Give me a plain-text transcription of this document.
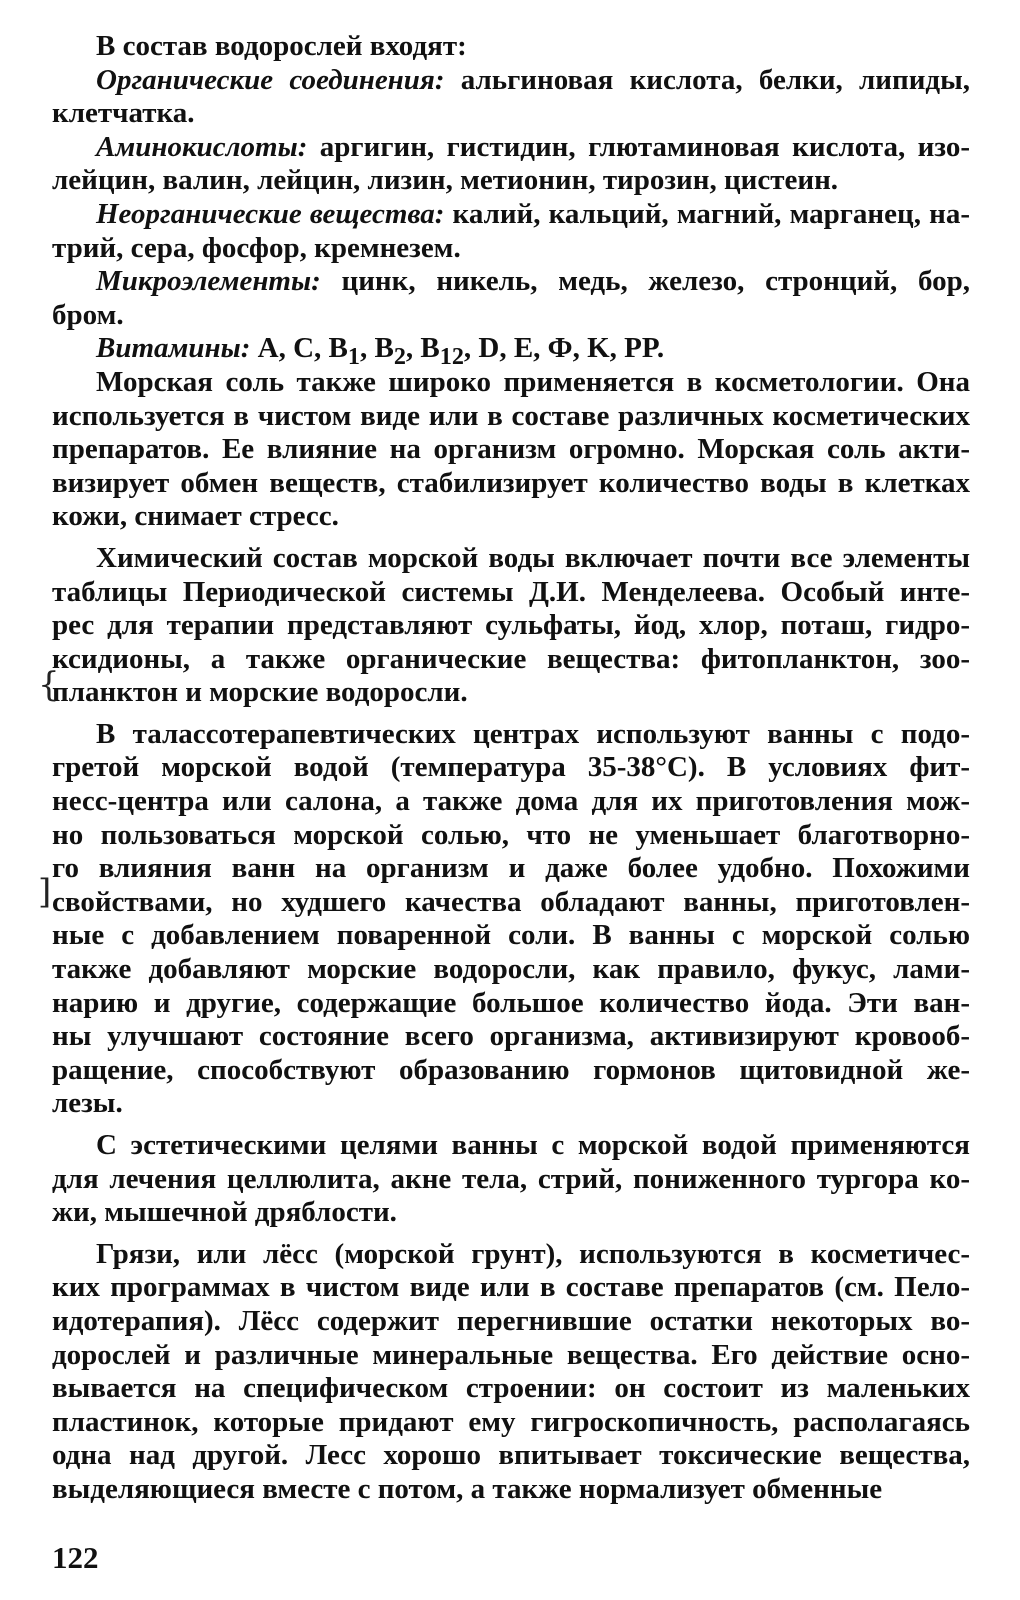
В состав водорослей входят:
Органические соединения: альгиновая кислота, белки, липиды,
клетчатка.
Аминокислоты: аргигин, гистидин, глютаминовая кислота, изо-
лейцин, валин, лейцин, лизин, метионин, тирозин, цистеин.
Неорганические вещества: калий, кальций, магний, марганец, на-
трий, сера, фосфор, кремнезем.
Микроэлементы: цинк, никель, медь, железо, стронций, бор,
бром.
Витамины: A, C, $B_1$, $B_2$, $B_{12}$, D, E, Ф, K, PP.
Морская соль также широко применяется в косметологии. Она
используется в чистом виде или в составе различных косметических
препаратов. Ее влияние на организм огромно. Морская соль акти-
визирует обмен веществ, стабилизирует количество воды в клетках
кожи, снимает стресс.
Химический состав морской воды включает почти все элементы
таблицы Периодической системы Д.И. Менделеева. Особый инте-
рес для терапии представляют сульфаты, йод, хлор, поташ, гидро-
ксидионы, а также органические вещества: фитопланктон, зоо-
планктон и морские водоросли.
В талассотерапевтических центрах используют ванны с подо-
гретой морской водой (температура 35-38°С). В условиях фит-
несс-центра или салона, а также дома для их приготовления мож-
но пользоваться морской солью, что не уменьшает благотворно-
го влияния ванн на организм и даже более удобно. Похожими
свойствами, но худшего качества обладают ванны, приготовлен-
ные с добавлением поваренной соли. В ванны с морской солью
также добавляют морские водоросли, как правило, фукус, лами-
нарию и другие, содержащие большое количество йода. Эти ван-
ны улучшают состояние всего организма, активизируют кровооб-
ращение, способствуют образованию гормонов щитовидной же-
лезы.
С эстетическими целями ванны с морской водой применяются
для лечения целлюлита, акне тела, стрий, пониженного тургора ко-
жи, мышечной дряблости.
Грязи, или лёсс (морской грунт), используются в косметичес-
ких программах в чистом виде или в составе препаратов (см. Пело-
идотерапия). Лёсс содержит перегнившие остатки некоторых во-
дорослей и различные минеральные вещества. Его действие осно-
вывается на специфическом строении: он состоит из маленьких
пластинок, которые придают ему гигроскопичность, располагаясь
одна над другой. Лесс хорошо впитывает токсические вещества,
выделяющиеся вместе с потом, а также нормализует обменные
{
]
122
